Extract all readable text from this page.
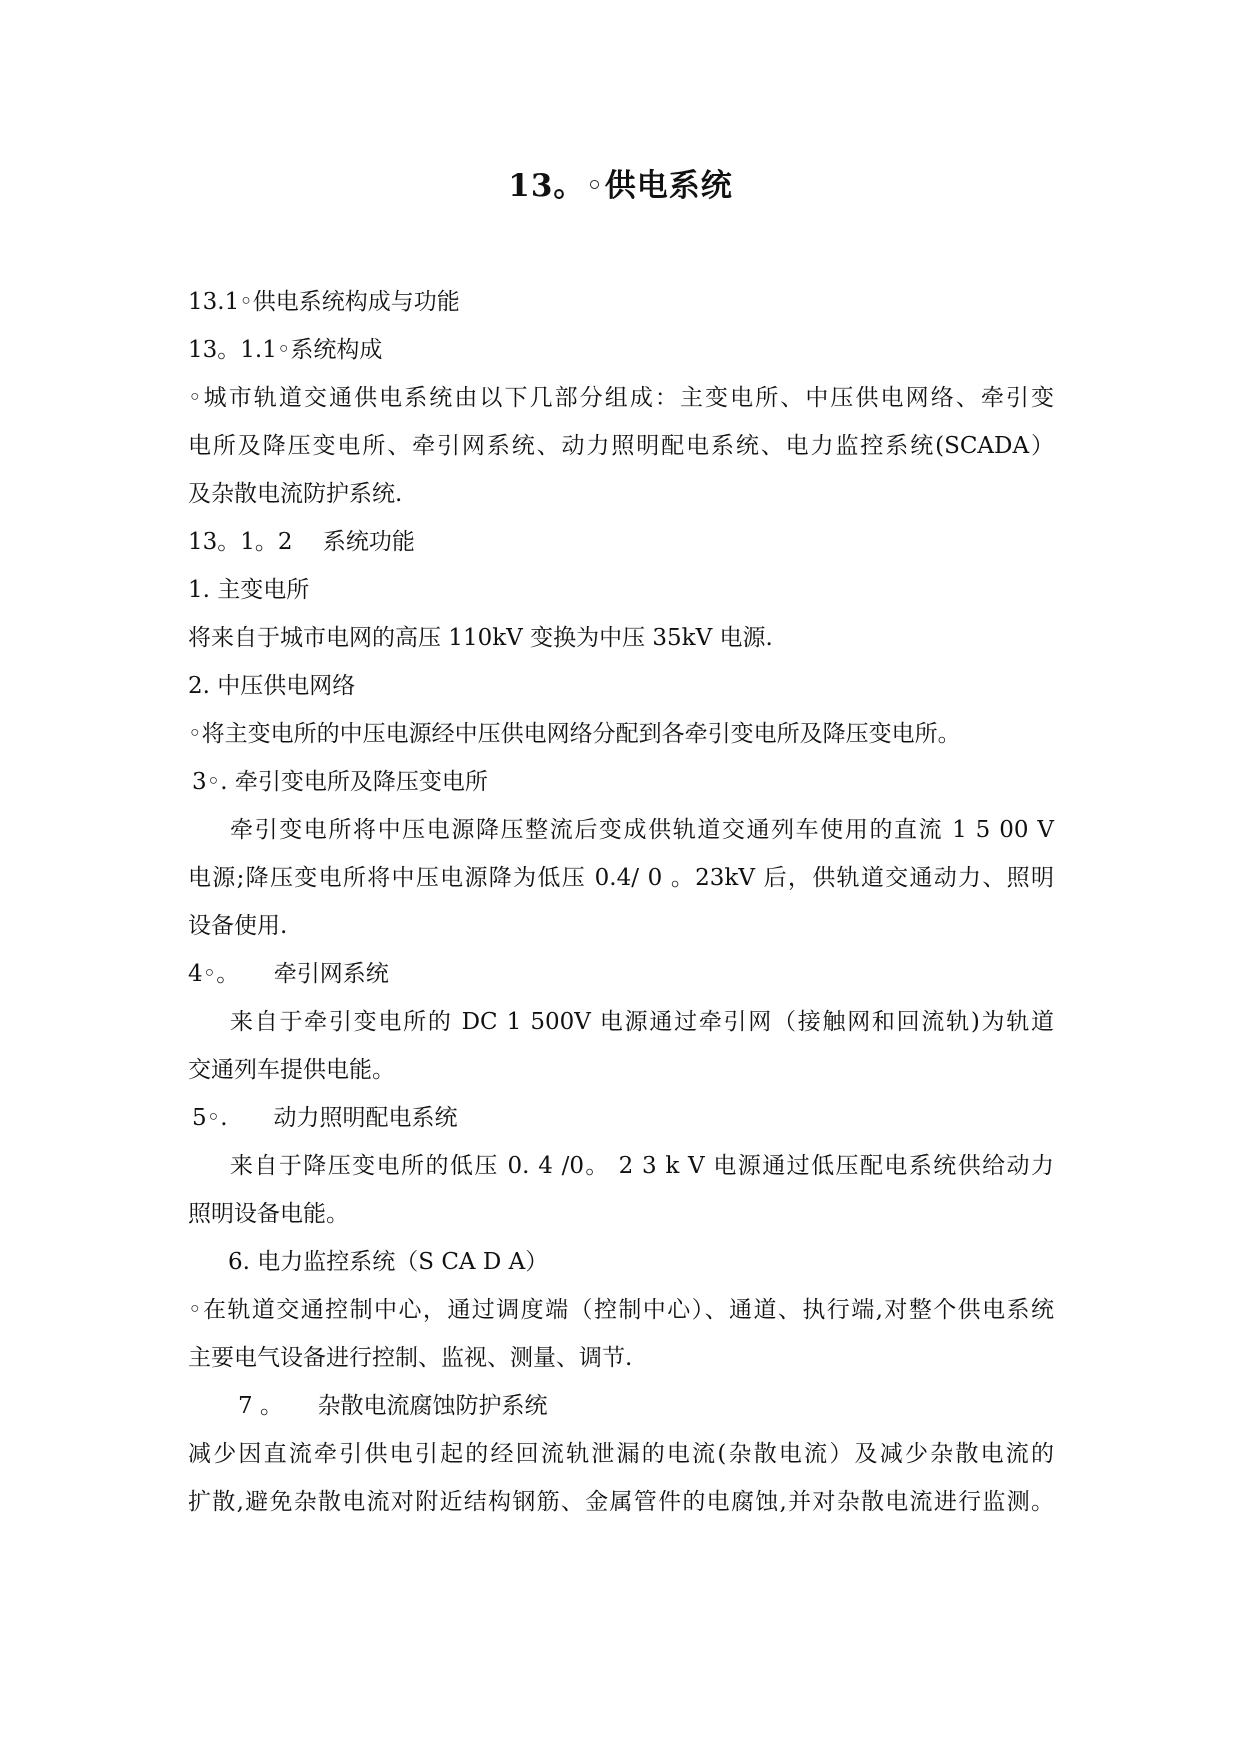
13。◦供电系统
13.1◦供电系统构成与功能
13。1.1◦系统构成
◦城市轨道交通供电系统由以下几部分组成：主变电所、中压供电网络、牵引变
电所及降压变电所、牵引网系统、动力照明配电系统、电力监控系统(SCADA）
及杂散电流防护系统.
13。1。2　 系统功能
1. 主变电所
将来自于城市电网的高压 110kV 变换为中压 35kV 电源.
2. 中压供电网络
◦将主变电所的中压电源经中压供电网络分配到各牵引变电所及降压变电所。
3◦. 牵引变电所及降压变电所
牵引变电所将中压电源降压整流后变成供轨道交通列车使用的直流 1 5 00 V
电源;降压变电所将中压电源降为低压 0.4/ 0 。23kV 后，供轨道交通动力、照明
设备使用.
4◦。　　牵引网系统
来自于牵引变电所的 DC 1 500V 电源通过牵引网（接触网和回流轨)为轨道
交通列车提供电能。
5◦.　　动力照明配电系统
来自于降压变电所的低压 0. 4 /0。 2 3 k V 电源通过低压配电系统供给动力
照明设备电能。
6. 电力监控系统（S CA D A）
◦在轨道交通控制中心，通过调度端（控制中心）、通道、执行端,对整个供电系统
主要电气设备进行控制、监视、测量、调节.
7 。　　杂散电流腐蚀防护系统
减少因直流牵引供电引起的经回流轨泄漏的电流(杂散电流）及减少杂散电流的
扩散,避免杂散电流对附近结构钢筋、金属管件的电腐蚀,并对杂散电流进行监测。
